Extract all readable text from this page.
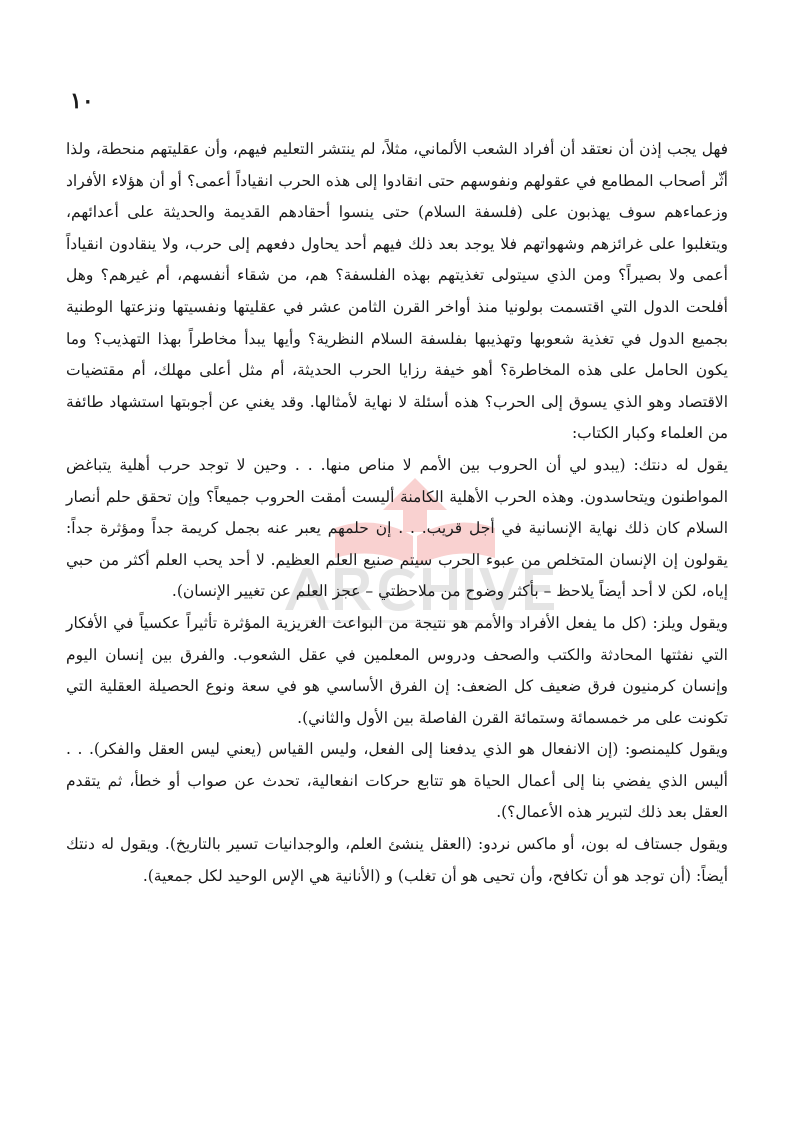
١٠

فهل يجب إذن أن نعتقد أن أفراد الشعب الألماني، مثلاً، لم ينتشر التعليم فيهم، وأن عقليتهم منحطة، ولذا أثّر أصحاب المطامع في عقولهم ونفوسهم حتى انقادوا إلى هذه الحرب انقياداً أعمى؟ أو أن هؤلاء الأفراد وزعماءهم سوف يهذبون على (فلسفة السلام) حتى ينسوا أحقادهم القديمة والحديثة على أعدائهم، ويتغلبوا على غرائزهم وشهواتهم فلا يوجد بعد ذلك فيهم أحد يحاول دفعهم إلى حرب، ولا ينقادون انقياداً أعمى ولا بصيراً؟ ومن الذي سيتولى تغذيتهم بهذه الفلسفة؟ هم، من شقاء أنفسهم، أم غيرهم؟ وهل أفلحت الدول التي اقتسمت بولونيا منذ أواخر القرن الثامن عشر في عقليتها ونفسيتها ونزعتها الوطنية بجميع الدول في تغذية شعوبها وتهذيبها بفلسفة السلام النظرية؟ وأيها يبدأ مخاطراً بهذا التهذيب؟ وما يكون الحامل على هذه المخاطرة؟ أهو خيفة رزايا الحرب الحديثة، أم مثل أعلى مهلك، أم مقتضيات الاقتصاد وهو الذي يسوق إلى الحرب؟ هذه أسئلة لا نهاية لأمثالها. وقد يغني عن أجوبتها استشهاد طائفة من العلماء وكبار الكتاب:

يقول له دنتك: (يبدو لي أن الحروب بين الأمم لا مناص منها. . . وحين لا توجد حرب أهلية يتباغض المواطنون ويتحاسدون. وهذه الحرب الأهلية الكامنة أليست أمقت الحروب جميعاً؟ وإن تحقق حلم أنصار السلام كان ذلك نهاية الإنسانية في أجل قريب. . . إن حلمهم يعبر عنه بجمل كريمة جداً ومؤثرة جداً: يقولون إن الإنسان المتخلص من عبوء الحرب سيتم صنيع العلم العظيم. لا أحد يحب العلم أكثر من حبي إياه، لكن لا أحد أيضاً يلاحظ – بأكثر وضوح من ملاحظتي – عجز العلم عن تغيير الإنسان).

ويقول ويلز: (كل ما يفعل الأفراد والأمم هو نتيجة من البواعث الغريزية المؤثرة تأثيراً عكسياً في الأفكار التي نفثتها المحادثة والكتب والصحف ودروس المعلمين في عقل الشعوب. والفرق بين إنسان اليوم وإنسان كرمنيون فرق ضعيف كل الضعف: إن الفرق الأساسي هو في سعة ونوع الحصيلة العقلية التي تكونت على مر خمسمائة وستمائة القرن الفاصلة بين الأول والثاني).

ويقول كليمنصو: (إن الانفعال هو الذي يدفعنا إلى الفعل، وليس القياس (يعني ليس العقل والفكر). . . أليس الذي يفضي بنا إلى أعمال الحياة هو تتابع حركات انفعالية، تحدث عن صواب أو خطأ، ثم يتقدم العقل بعد ذلك لتبرير هذه الأعمال؟).

ويقول جستاف له بون، أو ماكس نردو: (العقل ينشئ العلم، والوجدانيات تسير بالتاريخ). ويقول له دنتك أيضاً: (أن توجد هو أن تكافح، وأن تحيى هو أن تغلب) و (الأنانية هي الإس الوحيد لكل جمعية).
